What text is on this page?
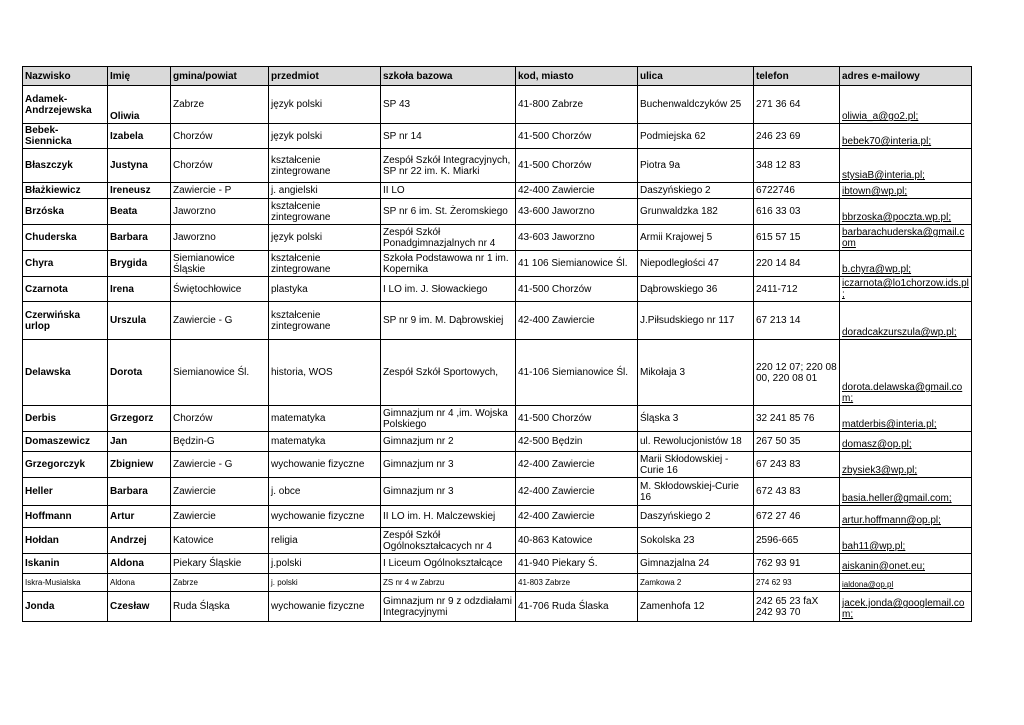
Nazwisko	Imię	gmina/powiat	przedmiot	szkoła bazowa	kod, miasto	ulica	telefon	adres e-mailowy
Adamek-Andrzejewska	Oliwia	Zabrze	język polski	SP 43	41-800 Zabrze	Buchenwaldczyków 25	271 36 64	oliwia_a@go2.pl;
Bebek-Siennicka	Izabela	Chorzów	język polski	SP nr 14	41-500 Chorzów	Podmiejska 62	246 23 69	bebek70@interia.pl;
Błaszczyk	Justyna	Chorzów	kształcenie zintegrowane	Zespół Szkół Integracyjnych, SP nr 22 im. K. Miarki	41-500 Chorzów	Piotra 9a	348 12 83	stysiaB@interia.pl;
Błażkiewicz	Ireneusz	Zawiercie - P	j. angielski	II LO	42-400 Zawiercie	Daszyńskiego 2	6722746	ibtown@wp.pl;
Brzóska	Beata	Jaworzno	kształcenie zintegrowane	SP nr 6 im. St. Żeromskiego	43-600 Jaworzno	Grunwaldzka 182	616 33 03	bbrzoska@poczta.wp.pl;
Chuderska	Barbara	Jaworzno	język polski	Zespół Szkół Ponadgimnazjalnych nr 4	43-603 Jaworzno	Armii Krajowej 5	615 57 15	barbarachuderska@gmail.com
Chyra	Brygida	Siemianowice Śląskie	kształcenie zintegrowane	Szkoła Podstawowa nr 1 im. Kopernika	41 106 Siemianowice Śl.	Niepodległości 47	220 14 84	b.chyra@wp.pl;
Czarnota	Irena	Świętochłowice	plastyka	I LO im. J. Słowackiego	41-500 Chorzów	Dąbrowskiego 36	2411-712	iczarnota@lo1chorzow.ids.pl;
Czerwińska urlop	Urszula	Zawiercie - G	kształcenie zintegrowane	SP nr 9 im. M. Dąbrowskiej	42-400 Zawiercie	J.Piłsudskiego nr 117	67 213 14	doradcakzurszula@wp.pl;
Delawska	Dorota	Siemianowice Śl.	historia, WOS	Zespół Szkół Sportowych,	41-106 Siemianowice Śl.	Mikołaja 3	220 12 07; 220 08 00, 220 08 01	dorota.delawska@gmail.com;
Derbis	Grzegorz	Chorzów	matematyka	Gimnazjum nr 4 ,im. Wojska Polskiego	41-500 Chorzów	Śląska 3	32 241 85 76	matderbis@interia.pl;
Domaszewicz	Jan	Będzin-G	matematyka	Gimnazjum nr 2	42-500 Będzin	ul. Rewolucjonistów 18	267 50 35	domasz@op.pl;
Grzegorczyk	Zbigniew	Zawiercie - G	wychowanie fizyczne	Gimnazjum nr 3	42-400 Zawiercie	Marii Skłodowskiej - Curie 16	67 243 83	zbysiek3@wp.pl;
Heller	Barbara	Zawiercie	j. obce	Gimnazjum nr 3	42-400 Zawiercie	M. Skłodowskiej-Curie 16	672 43 83	basia.heller@gmail.com;
Hoffmann	Artur	Zawiercie	wychowanie fizyczne	II LO im. H. Malczewskiej	42-400 Zawiercie	Daszyńskiego 2	672 27 46	artur.hoffmann@op.pl;
Hołdan	Andrzej	Katowice	religia	Zespół Szkół Ogólnokształcacych nr 4	40-863 Katowice	Sokolska 23	2596-665	bah11@wp.pl;
Iskanin	Aldona	Piekary Śląskie	j.polski	I Liceum Ogólnokształcące	41-940 Piekary Ś.	Gimnazjalna 24	762 93 91	aiskanin@onet.eu;
Iskra-Musialska	Aldona	Zabrze	j. polski	ZS nr 4 w Zabrzu	41-803 Zabrze	Zamkowa 2	274 62 93	ialdona@op.pl
Jonda	Czesław	Ruda Śląska	wychowanie fizyczne	Gimnazjum nr 9 z odzdiałami Integracyjnymi	41-706 Ruda Ślaska	Zamenhofa 12	242 65 23 faX 242 93 70	jacek.jonda@googlemail.com;
